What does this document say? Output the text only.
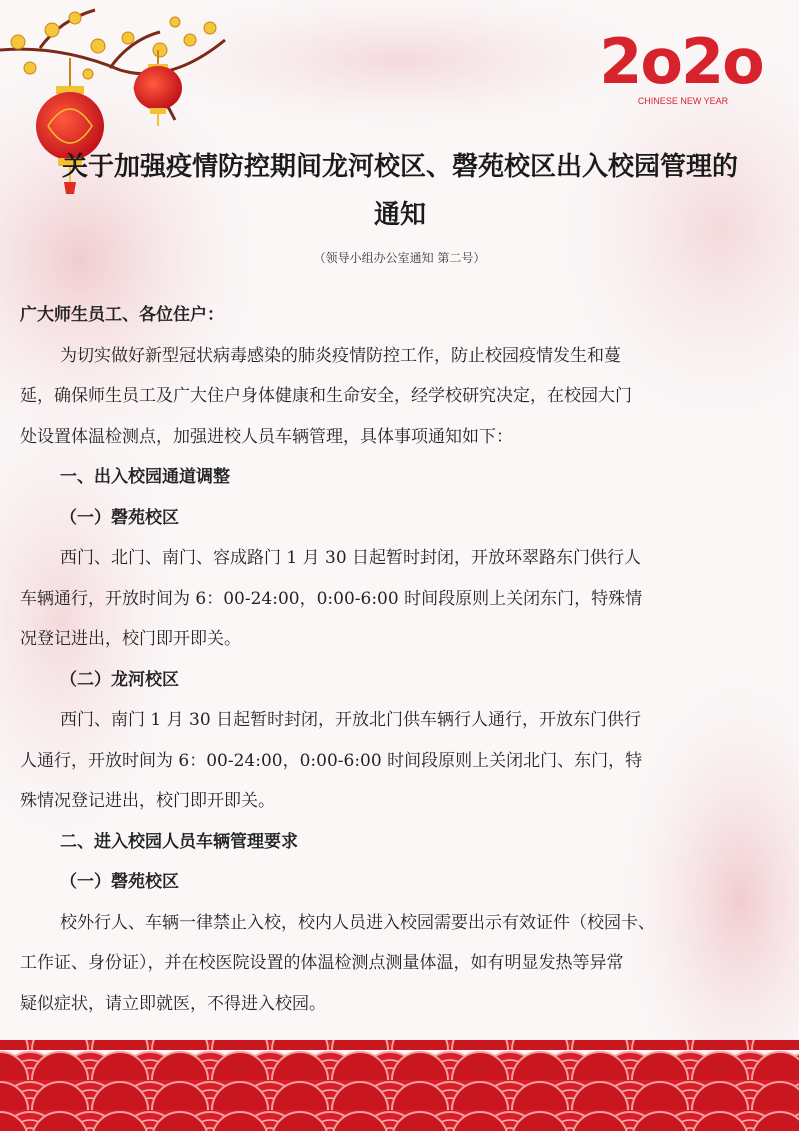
2o2o
CHINESE NEW YEAR
关于加强疫情防控期间龙河校区、磬苑校区出入校园管理的
通知
（领导小组办公室通知 第二号）
广大师生员工、各位住户：
为切实做好新型冠状病毒感染的肺炎疫情防控工作，防止校园疫情发生和蔓
延，确保师生员工及广大住户身体健康和生命安全，经学校研究决定，在校园大门
处设置体温检测点，加强进校人员车辆管理，具体事项通知如下：
一、出入校园通道调整
（一）磬苑校区
西门、北门、南门、容成路门 1 月 30 日起暂时封闭，开放环翠路东门供行人
车辆通行，开放时间为 6：00-24:00，0:00-6:00 时间段原则上关闭东门，特殊情
况登记进出，校门即开即关。
（二）龙河校区
西门、南门 1 月 30 日起暂时封闭，开放北门供车辆行人通行，开放东门供行
人通行，开放时间为 6：00-24:00，0:00-6:00 时间段原则上关闭北门、东门，特
殊情况登记进出，校门即开即关。
二、进入校园人员车辆管理要求
（一）磬苑校区
校外行人、车辆一律禁止入校，校内人员进入校园需要出示有效证件（校园卡、
工作证、身份证），并在校医院设置的体温检测点测量体温，如有明显发热等异常
疑似症状，请立即就医，不得进入校园。
